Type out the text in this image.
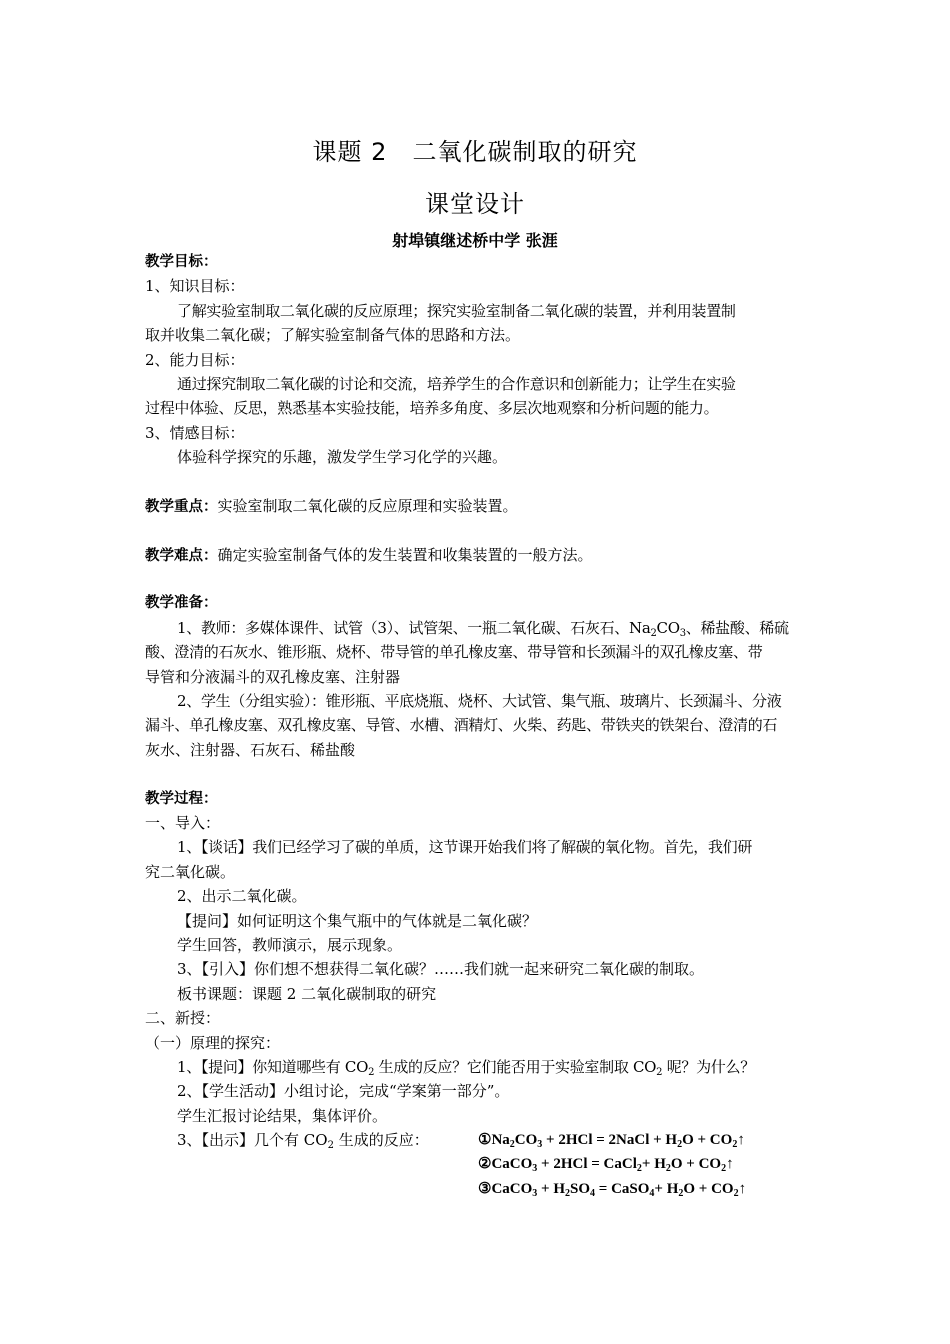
课题 2　二氧化碳制取的研究
课堂设计
射埠镇继述桥中学 张涯
教学目标：
1、知识目标：
了解实验室制取二氧化碳的反应原理；探究实验室制备二氧化碳的装置，并利用装置制
取并收集二氧化碳；了解实验室制备气体的思路和方法。
2、能力目标：
通过探究制取二氧化碳的讨论和交流，培养学生的合作意识和创新能力；让学生在实验
过程中体验、反思，熟悉基本实验技能，培养多角度、多层次地观察和分析问题的能力。
3、情感目标：
体验科学探究的乐趣，激发学生学习化学的兴趣。
教学重点：实验室制取二氧化碳的反应原理和实验装置。
教学难点：确定实验室制备气体的发生装置和收集装置的一般方法。
教学准备：
1、教师：多媒体课件、试管（3）、试管架、一瓶二氧化碳、石灰石、$Na_2CO_3$、稀盐酸、稀硫
酸、澄清的石灰水、锥形瓶、烧杯、带导管的单孔橡皮塞、带导管和长颈漏斗的双孔橡皮塞、带
导管和分液漏斗的双孔橡皮塞、注射器
2、学生（分组实验）：锥形瓶、平底烧瓶、烧杯、大试管、集气瓶、玻璃片、长颈漏斗、分液
漏斗、单孔橡皮塞、双孔橡皮塞、导管、水槽、酒精灯、火柴、药匙、带铁夹的铁架台、澄清的石
灰水、注射器、石灰石、稀盐酸
教学过程：
一、导入：
1、【谈话】我们已经学习了碳的单质，这节课开始我们将了解碳的氧化物。首先，我们研
究二氧化碳。
2、出示二氧化碳。
【提问】如何证明这个集气瓶中的气体就是二氧化碳？
学生回答，教师演示，展示现象。
3、【引入】你们想不想获得二氧化碳？……我们就一起来研究二氧化碳的制取。
板书课题：课题 2 二氧化碳制取的研究
二、新授：
（一）原理的探究：
1、【提问】你知道哪些有 $CO_2$ 生成的反应？它们能否用于实验室制取 $CO_2$ 呢？为什么？
2、【学生活动】小组讨论，完成“学案第一部分”。
学生汇报讨论结果，集体评价。
3、【出示】几个有 $CO_2$ 生成的反应：	$①Na_2CO_3 + 2HCl$ = 2NaCl + $H_2O$ + $CO_2↑$
②CaCO$_3$ + 2HCl = CaCl$_2$+ $H_2O$ + $CO_2↑$
③CaCO$_3$ + $H_2SO_4$ = CaSO$_4$+ $H_2O$ + $CO_2↑$
